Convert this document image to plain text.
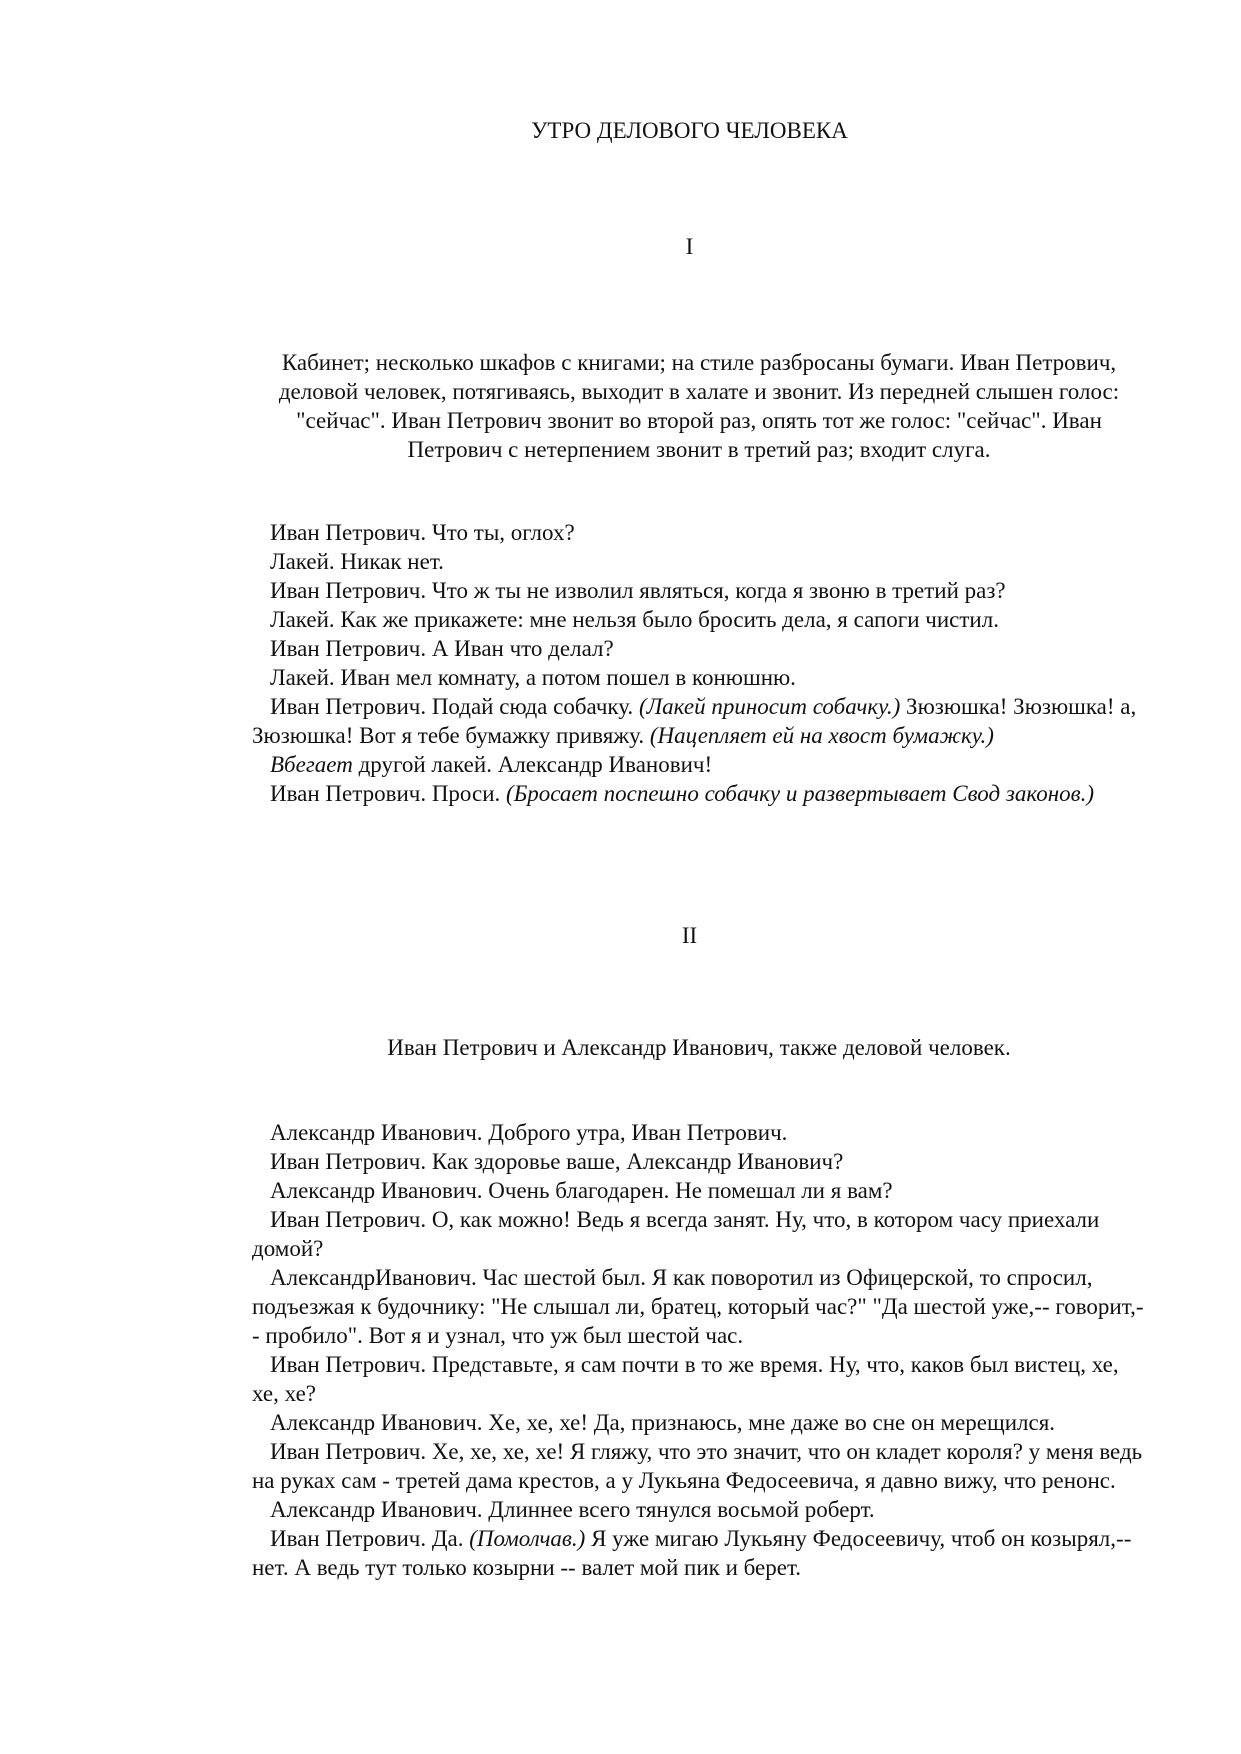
УТРО ДЕЛОВОГО ЧЕЛОВЕКА
I
Кабинет; несколько шкафов с книгами; на стиле разбросаны бумаги. Иван Петрович, деловой человек, потягиваясь, выходит в халате и звонит. Из передней слышен голос: "сейчас". Иван Петрович звонит во второй раз, опять тот же голос: "сейчас". Иван Петрович с нетерпением звонит в третий раз; входит слуга.

Иван Петрович. Что ты, оглох?

Лакей. Никак нет.

Иван Петрович. Что ж ты не изволил являться, когда я звоню в третий раз?

Лакей. Как же прикажете: мне нельзя было бросить дела, я сапоги чистил.

Иван Петрович. А Иван что делал?

Лакей. Иван мел комнату, а потом пошел в конюшню.

Иван Петрович. Подай сюда собачку. (Лакей приносит собачку.) Зюзюшка! Зюзюшка! а, Зюзюшка! Вот я тебе бумажку привяжу. (Нацепляет ей на хвост бумажку.)

Вбегает другой лакей. Александр Иванович!

Иван Петрович. Проси. (Бросает поспешно собачку и развертывает Свод законов.)

II
Иван Петрович и Александр Иванович, также деловой человек.

Александр Иванович. Доброго утра, Иван Петрович.

Иван Петрович. Как здоровье ваше, Александр Иванович?

Александр Иванович. Очень благодарен. Не помешал ли я вам?

Иван Петрович. О, как можно! Ведь я всегда занят. Ну, что, в котором часу приехали домой?

АлександрИванович. Час шестой был. Я как поворотил из Офицерской, то спросил, подъезжая к будочнику: "Не слышал ли, братец, который час?" "Да шестой уже,-- говорит,-- пробило". Вот я и узнал, что уж был шестой час.

Иван Петрович. Представьте, я сам почти в то же время. Ну, что, каков был вистец, хе, хе, хе?

Александр Иванович. Хе, хе, хе! Да, признаюсь, мне даже во сне он мерещился.

Иван Петрович. Хе, хе, хе, хе! Я гляжу, что это значит, что он кладет короля? у меня ведь на руках сам - третей дама крестов, а у Лукьяна Федосеевича, я давно вижу, что ренонс.

Александр Иванович. Длиннее всего тянулся восьмой роберт.

Иван Петрович. Да. (Помолчав.) Я уже мигаю Лукьяну Федосеевичу, чтоб он козырял,-- нет. А ведь тут только козырни -- валет мой пик и берет.
